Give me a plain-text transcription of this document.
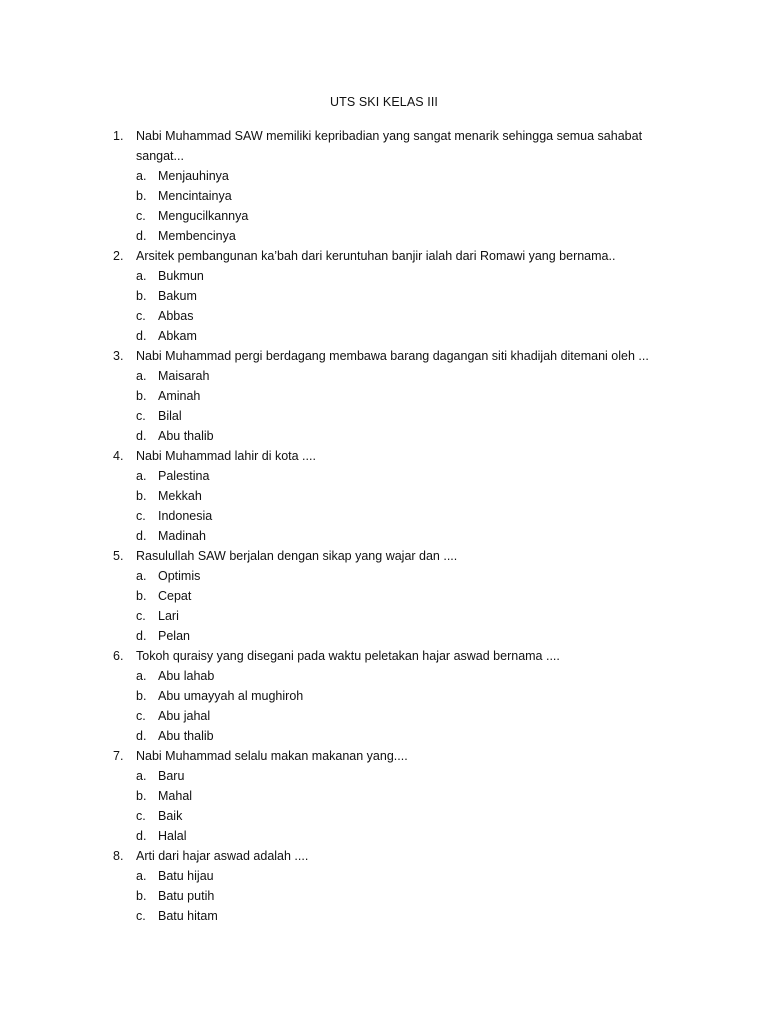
UTS SKI KELAS III
1. Nabi Muhammad SAW memiliki kepribadian yang sangat menarik sehingga semua sahabat sangat...
a. Menjauhinya
b. Mencintainya
c. Mengucilkannya
d. Membencinya
2. Arsitek pembangunan ka’bah dari keruntuhan banjir ialah dari Romawi yang bernama..
a. Bukmun
b. Bakum
c. Abbas
d. Abkam
3. Nabi Muhammad pergi berdagang membawa barang dagangan siti khadijah ditemani oleh ...
a. Maisarah
b. Aminah
c. Bilal
d. Abu thalib
4. Nabi Muhammad lahir di kota ....
a. Palestina
b. Mekkah
c. Indonesia
d. Madinah
5. Rasulullah SAW berjalan dengan sikap yang wajar dan ....
a. Optimis
b. Cepat
c. Lari
d. Pelan
6. Tokoh quraisy yang disegani pada waktu peletakan hajar aswad bernama ....
a. Abu lahab
b. Abu umayyah al mughiroh
c. Abu jahal
d. Abu thalib
7. Nabi Muhammad selalu makan makanan yang....
a. Baru
b. Mahal
c. Baik
d. Halal
8. Arti dari hajar aswad adalah ....
a. Batu hijau
b. Batu putih
c. Batu hitam
